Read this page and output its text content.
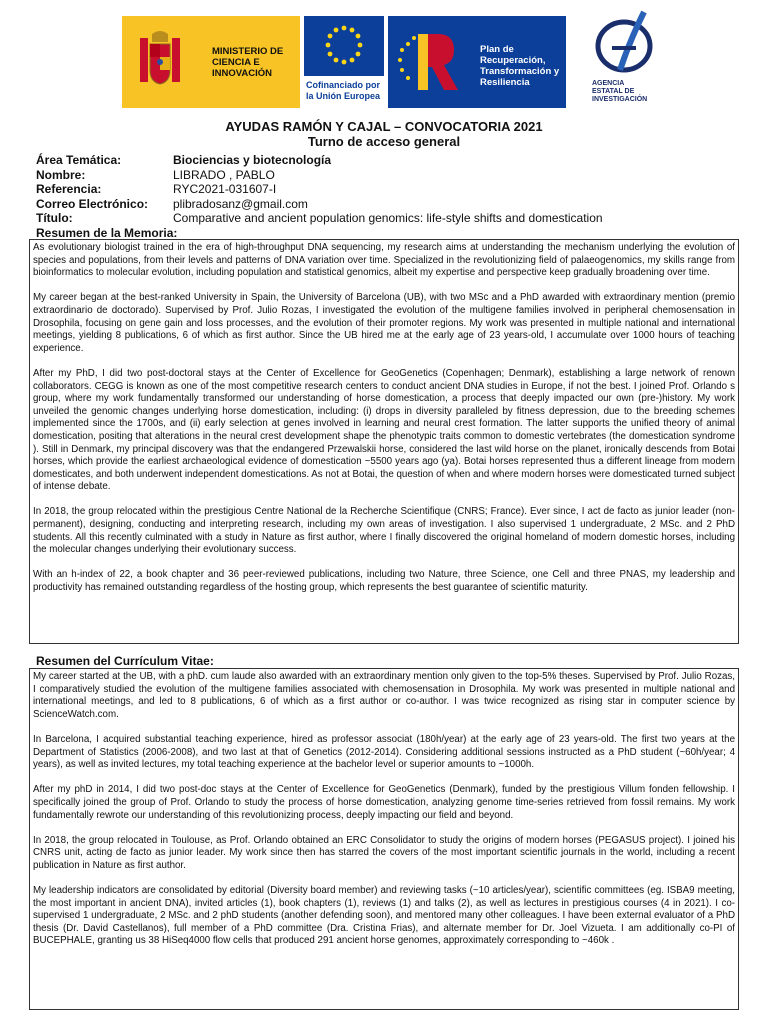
MINISTERIO DE CIENCIA E INNOVACIÓN
Cofinanciado por la Unión Europea
Plan de Recuperación, Transformación y Resiliencia	AGENCIA ESTATAL DE INVESTIGACIÓN
AYUDAS RAMÓN Y CAJAL – CONVOCATORIA 2021
Turno de acceso general
Área Temática:	Biociencias y biotecnología
Nombre:	LIBRADO , PABLO
Referencia:	RYC2021-031607-I
Correo Electrónico:	plibradosanz@gmail.com
Título:	Comparative and ancient population genomics: life-style shifts and domestication
Resumen de la Memoria:

As evolutionary biologist trained in the era of high-throughput DNA sequencing, my research aims at understanding the mechanism underlying the evolution of species and populations, from their levels and patterns of DNA variation over time. Specialized in the revolutionizing field of palaeogenomics, my skills range from bioinformatics to molecular evolution, including population and statistical genomics, albeit my expertise and perspective keep gradually broadening over time.

My career began at the best-ranked University in Spain, the University of Barcelona (UB), with two MSc and a PhD awarded with extraordinary mention (premio extraordinario de doctorado). Supervised by Prof. Julio Rozas, I investigated the evolution of the multigene families involved in peripheral chemosensation in Drosophila, focusing on gene gain and loss processes, and the evolution of their promoter regions. My work was presented in multiple national and international meetings, yielding 8 publications, 6 of which as first author. Since the UB hired me at the early age of 23 years-old, I accumulate over 1000 hours of teaching experience.

After my PhD, I did two post-doctoral stays at the Center of Excellence for GeoGenetics (Copenhagen; Denmark), establishing a large network of renown collaborators. CEGG is known as one of the most competitive research centers to conduct ancient DNA studies in Europe, if not the best. I joined Prof. Orlando s group, where my work fundamentally transformed our understanding of horse domestication, a process that deeply impacted our own (pre-)history. My work unveiled the genomic changes underlying horse domestication, including: (i) drops in diversity paralleled by fitness depression, due to the breeding schemes implemented since the 1700s, and (ii) early selection at genes involved in learning and neural crest formation. The latter supports the unified theory of animal domestication, positing that alterations in the neural crest development shape the phenotypic traits common to domestic vertebrates (the domestication syndrome ). Still in Denmark, my principal discovery was that the endangered Przewalskii horse, considered the last wild horse on the planet, ironically descends from Botai horses, which provide the earliest archaeological evidence of domestication ~5500 years ago (ya). Botai horses represented thus a different lineage from modern domesticates, and both underwent independent domestications. As not at Botai, the question of when and where modern horses were domesticated turned subject of intense debate.

In 2018, the group relocated within the prestigious Centre National de la Recherche Scientifique (CNRS; France). Ever since, I act de facto as junior leader (non-permanent), designing, conducting and interpreting research, including my own areas of investigation. I also supervised 1 undergraduate, 2 MSc. and 2 PhD students. All this recently culminated with a study in Nature as first author, where I finally discovered the original homeland of modern domestic horses, including the molecular changes underlying their evolutionary success.

With an h-index of 22, a book chapter and 36 peer-reviewed publications, including two Nature, three Science, one Cell and three PNAS, my leadership and productivity has remained outstanding regardless of the hosting group, which represents the best guarantee of scientific maturity.

Resumen del Currículum Vitae:

My career started at the UB, with a phD. cum laude also awarded with an extraordinary mention only given to the top-5% theses. Supervised by Prof. Julio Rozas, I comparatively studied the evolution of the multigene families associated with chemosensation in Drosophila. My work was presented in multiple national and international meetings, and led to 8 publications, 6 of which as a first author or co-author. I was twice recognized as rising star in computer science by ScienceWatch.com.

In Barcelona, I acquired substantial teaching experience, hired as professor associat (180h/year) at the early age of 23 years-old. The first two years at the Department of Statistics (2006-2008), and two last at that of Genetics (2012-2014). Considering additional sessions instructed as a PhD student (~60h/year; 4 years), as well as invited lectures, my total teaching experience at the bachelor level or superior amounts to ~1000h.

After my phD in 2014, I did two post-doc stays at the Center of Excellence for GeoGenetics (Denmark), funded by the prestigious Villum fonden fellowship. I specifically joined the group of Prof. Orlando to study the process of horse domestication, analyzing genome time-series retrieved from fossil remains. My work fundamentally rewrote our understanding of this revolutionizing process, deeply impacting our field and beyond.

In 2018, the group relocated in Toulouse, as Prof. Orlando obtained an ERC Consolidator to study the origins of modern horses (PEGASUS project). I joined his CNRS unit, acting de facto as junior leader. My work since then has starred the covers of the most important scientific journals in the world, including a recent publication in Nature as first author.

My leadership indicators are consolidated by editorial (Diversity board member) and reviewing tasks (~10 articles/year), scientific committees (eg. ISBA9 meeting, the most important in ancient DNA), invited articles (1), book chapters (1), reviews (1) and talks (2), as well as lectures in prestigious courses (4 in 2021). I co-supervised 1 undergraduate, 2 MSc. and 2 phD students (another defending soon), and mentored many other colleagues. I have been external evaluator of a PhD thesis (Dr. David Castellanos), full member of a PhD committee (Dra. Cristina Frias), and alternate member for Dr. Joel Vizueta. I am additionally co-PI of BUCEPHALE, granting us 38 HiSeq4000 flow cells that produced 291 ancient horse genomes, approximately corresponding to ~460k .
